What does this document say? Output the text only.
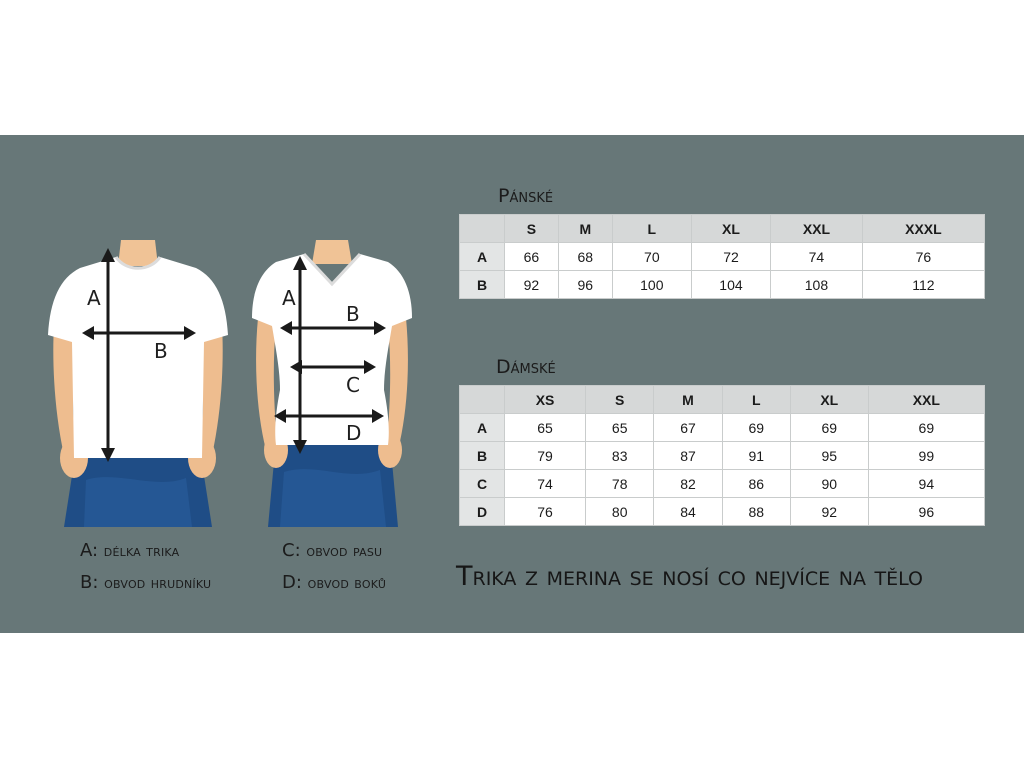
A
B
A
B
C
D
A: délka trika
B: obvod hrudníku
C: obvod pasu
D: obvod boků
Pánské
	S	M	L	XL	XXL	XXXL
A	66	68	70	72	74	76
B	92	96	100	104	108	112
Dámské
	XS	S	M	L	XL	XXL
A	65	65	67	69	69	69
B	79	83	87	91	95	99
C	74	78	82	86	90	94
D	76	80	84	88	92	96
Trika z merina se nosí co nejvíce na tělo
